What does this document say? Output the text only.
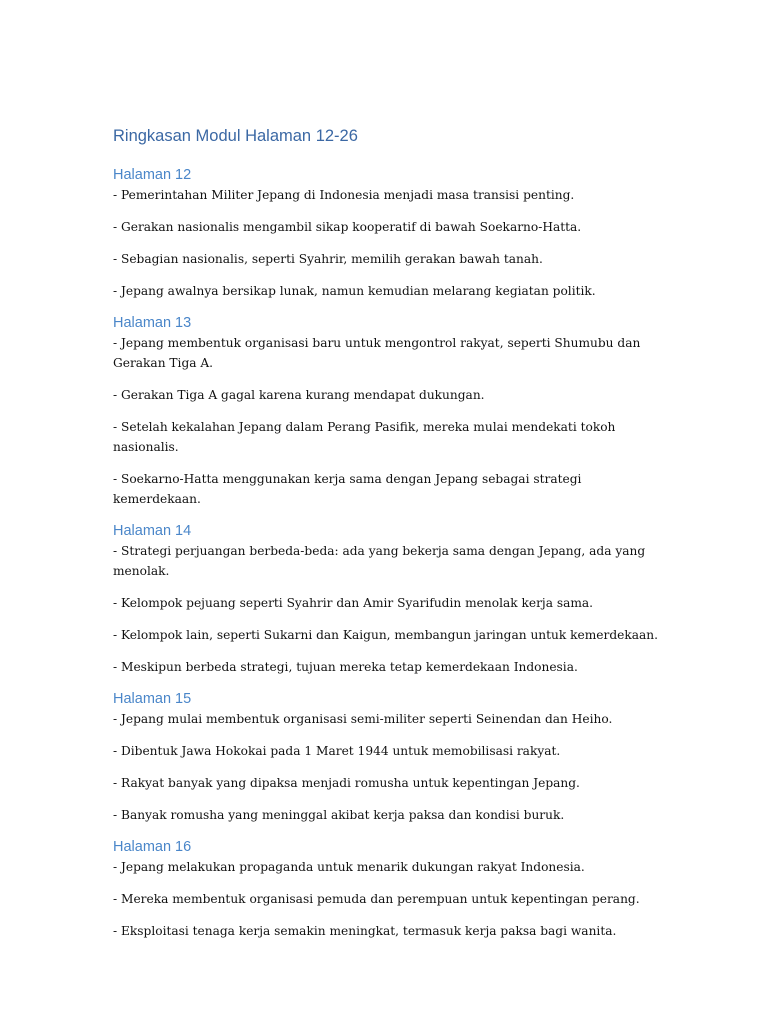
Ringkasan Modul Halaman 12-26
Halaman 12

- Pemerintahan Militer Jepang di Indonesia menjadi masa transisi penting.

- Gerakan nasionalis mengambil sikap kooperatif di bawah Soekarno-Hatta.

- Sebagian nasionalis, seperti Syahrir, memilih gerakan bawah tanah.

- Jepang awalnya bersikap lunak, namun kemudian melarang kegiatan politik.

Halaman 13

- Jepang membentuk organisasi baru untuk mengontrol rakyat, seperti Shumubu dan Gerakan Tiga A.

- Gerakan Tiga A gagal karena kurang mendapat dukungan.

- Setelah kekalahan Jepang dalam Perang Pasifik, mereka mulai mendekati tokoh nasionalis.

- Soekarno-Hatta menggunakan kerja sama dengan Jepang sebagai strategi kemerdekaan.

Halaman 14

- Strategi perjuangan berbeda-beda: ada yang bekerja sama dengan Jepang, ada yang menolak.

- Kelompok pejuang seperti Syahrir dan Amir Syarifudin menolak kerja sama.

- Kelompok lain, seperti Sukarni dan Kaigun, membangun jaringan untuk kemerdekaan.

- Meskipun berbeda strategi, tujuan mereka tetap kemerdekaan Indonesia.

Halaman 15

- Jepang mulai membentuk organisasi semi-militer seperti Seinendan dan Heiho.

- Dibentuk Jawa Hokokai pada 1 Maret 1944 untuk memobilisasi rakyat.

- Rakyat banyak yang dipaksa menjadi romusha untuk kepentingan Jepang.

- Banyak romusha yang meninggal akibat kerja paksa dan kondisi buruk.

Halaman 16

- Jepang melakukan propaganda untuk menarik dukungan rakyat Indonesia.

- Mereka membentuk organisasi pemuda dan perempuan untuk kepentingan perang.

- Eksploitasi tenaga kerja semakin meningkat, termasuk kerja paksa bagi wanita.
